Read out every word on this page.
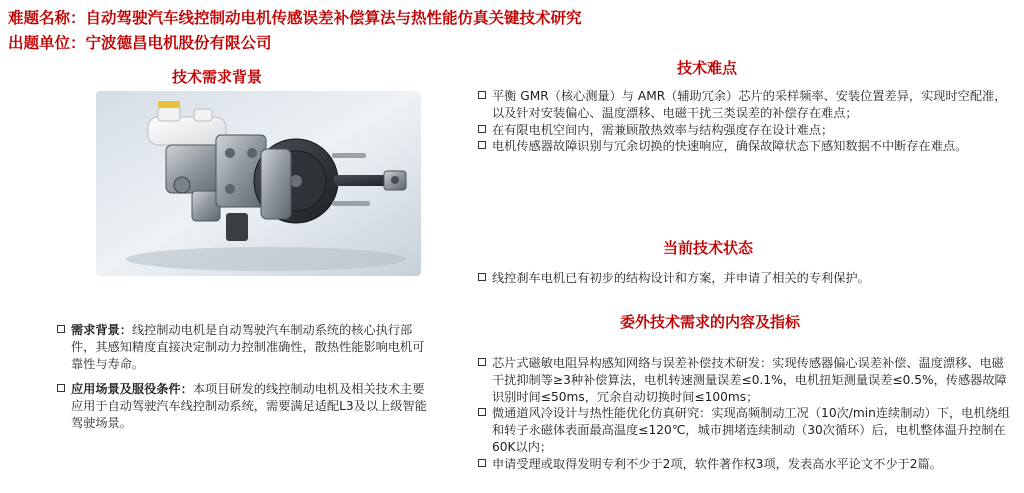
难题名称：自动驾驶汽车线控制动电机传感误差补偿算法与热性能仿真关键技术研究
出题单位：宁波德昌电机股份有限公司
技术需求背景
需求背景：线控制动电机是自动驾驶汽车制动系统的核心执行部件，其感知精度直接决定制动力控制准确性，散热性能影响电机可靠性与寿命。
应用场景及服役条件：本项目研发的线控制动电机及相关技术主要应用于自动驾驶汽车线控制动系统，需要满足适配L3及以上级智能驾驶场景。
技术难点
平衡 GMR（核心测量）与 AMR（辅助冗余）芯片的采样频率、安装位置差异，实现时空配准，以及针对安装偏心、温度漂移、电磁干扰三类误差的补偿存在难点；
在有限电机空间内，需兼顾散热效率与结构强度存在设计难点；
电机传感器故障识别与冗余切换的快速响应，确保故障状态下感知数据不中断存在难点。
当前技术状态
线控刹车电机已有初步的结构设计和方案，并申请了相关的专利保护。
委外技术需求的内容及指标
芯片式磁敏电阻异构感知网络与误差补偿技术研发：实现传感器偏心误差补偿、温度漂移、电磁干扰抑制等≥3种补偿算法，电机转速测量误差≤0.1%，电机扭矩测量误差≤0.5%，传感器故障识别时间≤50ms，冗余自动切换时间≤100ms；
微通道风冷设计与热性能优化仿真研究：实现高频制动工况（10次/min连续制动）下，电机绕组和转子永磁体表面最高温度≤120℃，城市拥堵连续制动（30次循环）后，电机整体温升控制在60K以内；
申请受理或取得发明专利不少于2项，软件著作权3项，发表高水平论文不少于2篇。
